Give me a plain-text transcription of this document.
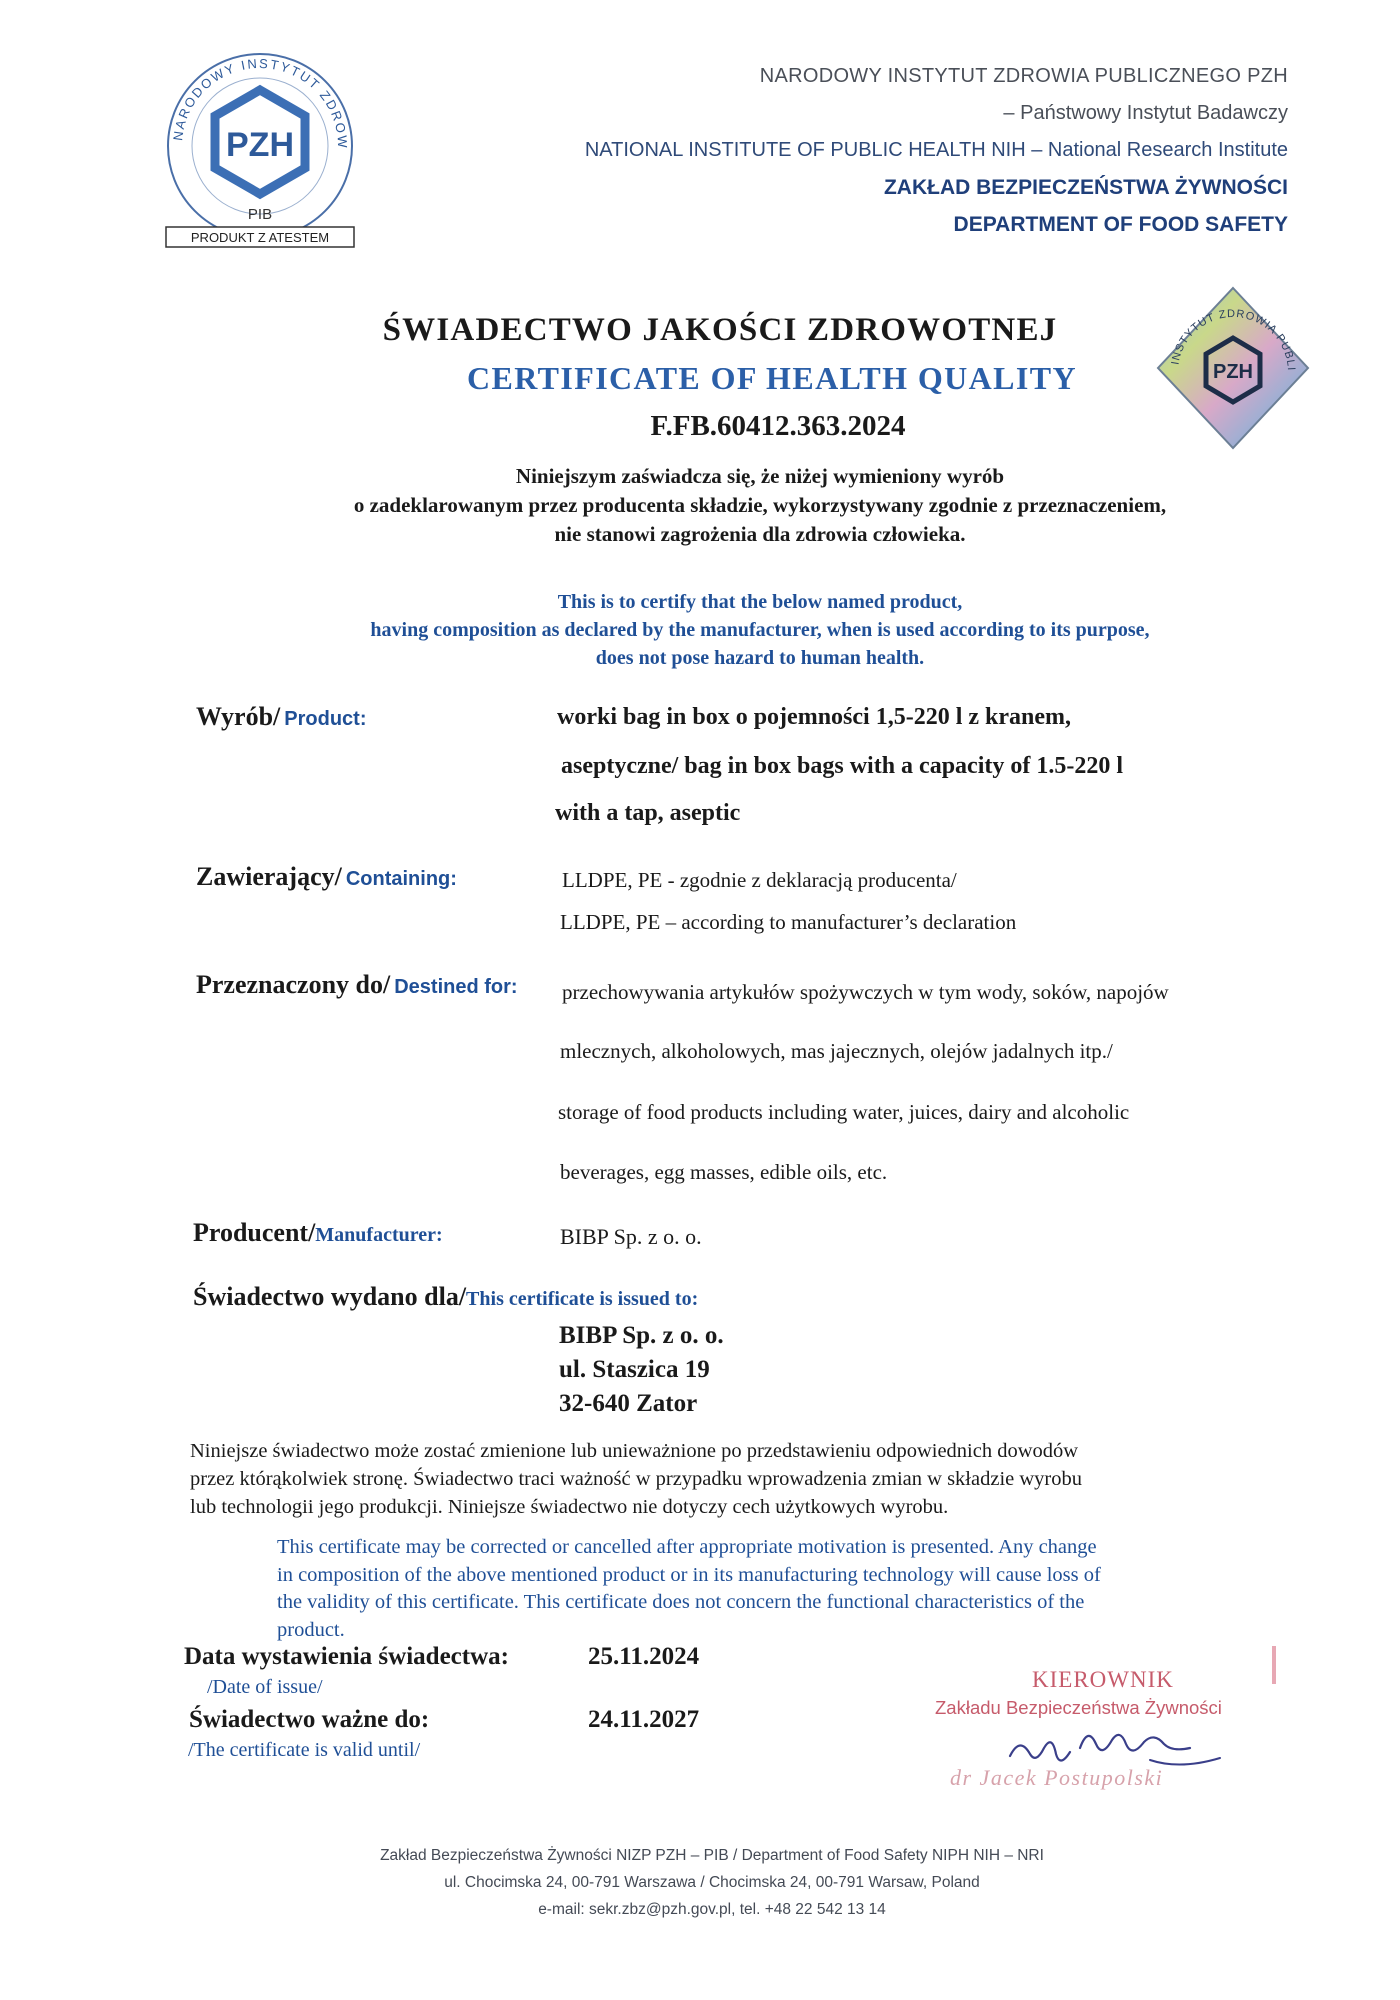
NARODOWY INSTYTUT ZDROW
PZH
PIB
PRODUKT Z ATESTEM
NARODOWY INSTYTUT ZDROWIA PUBLICZNEGO PZH
– Państwowy Instytut Badawczy
NATIONAL INSTITUTE OF PUBLIC HEALTH NIH – National Research Institute
ZAKŁAD BEZPIECZEŃSTWA ŻYWNOŚCI
DEPARTMENT OF FOOD SAFETY
INSTYTUT ZDROWIA PUBLI
PZH
ŚWIADECTWO JAKOŚCI ZDROWOTNEJ
CERTIFICATE OF HEALTH QUALITY
F.FB.60412.363.2024
Niniejszym zaświadcza się, że niżej wymieniony wyrób
o zadeklarowanym przez producenta składzie, wykorzystywany zgodnie z przeznaczeniem,
nie stanowi zagrożenia dla zdrowia człowieka.
This is to certify that the below named product,
having composition as declared by the manufacturer, when is used according to its purpose,
does not pose hazard to human health.
Wyrób/ Product:	worki bag in box o pojemności 1,5-220 l z kranem,
aseptyczne/ bag in box bags with a capacity of 1.5-220 l
with a tap, aseptic
Zawierający/ Containing:	LLDPE, PE - zgodnie z deklaracją producenta/
LLDPE, PE – according to manufacturer’s declaration
Przeznaczony do/ Destined for: przechowywania artykułów spożywczych w tym wody, soków, napojów
mlecznych, alkoholowych, mas jajecznych, olejów jadalnych itp./
storage of food products including water, juices, dairy and alcoholic
beverages, egg masses, edible oils, etc.
Producent/Manufacturer:	BIBP Sp. z o. o.
Świadectwo wydano dla/This certificate is issued to:
BIBP Sp. z o. o.
ul. Staszica 19
32-640 Zator
Niniejsze świadectwo może zostać zmienione lub unieważnione po przedstawieniu odpowiednich dowodów
przez którąkolwiek stronę. Świadectwo traci ważność w przypadku wprowadzenia zmian w składzie wyrobu
lub technologii jego produkcji. Niniejsze świadectwo nie dotyczy cech użytkowych wyrobu.
This certificate may be corrected or cancelled after appropriate motivation is presented. Any change
in composition of the above mentioned product or in its manufacturing technology will cause loss of
the validity of this certificate. This certificate does not concern the functional characteristics of the
product.
Data wystawienia świadectwa:
/Date of issue/
25.11.2024
Świadectwo ważne do:
/The certificate is valid until/
24.11.2027
KIEROWNIK
Zakładu Bezpieczeństwa Żywności
dr Jacek Postupolski
Zakład Bezpieczeństwa Żywności NIZP PZH – PIB / Department of Food Safety NIPH NIH – NRI
ul. Chocimska 24, 00-791 Warszawa / Chocimska 24, 00-791 Warsaw, Poland
e-mail: sekr.zbz@pzh.gov.pl, tel. +48 22 542 13 14
